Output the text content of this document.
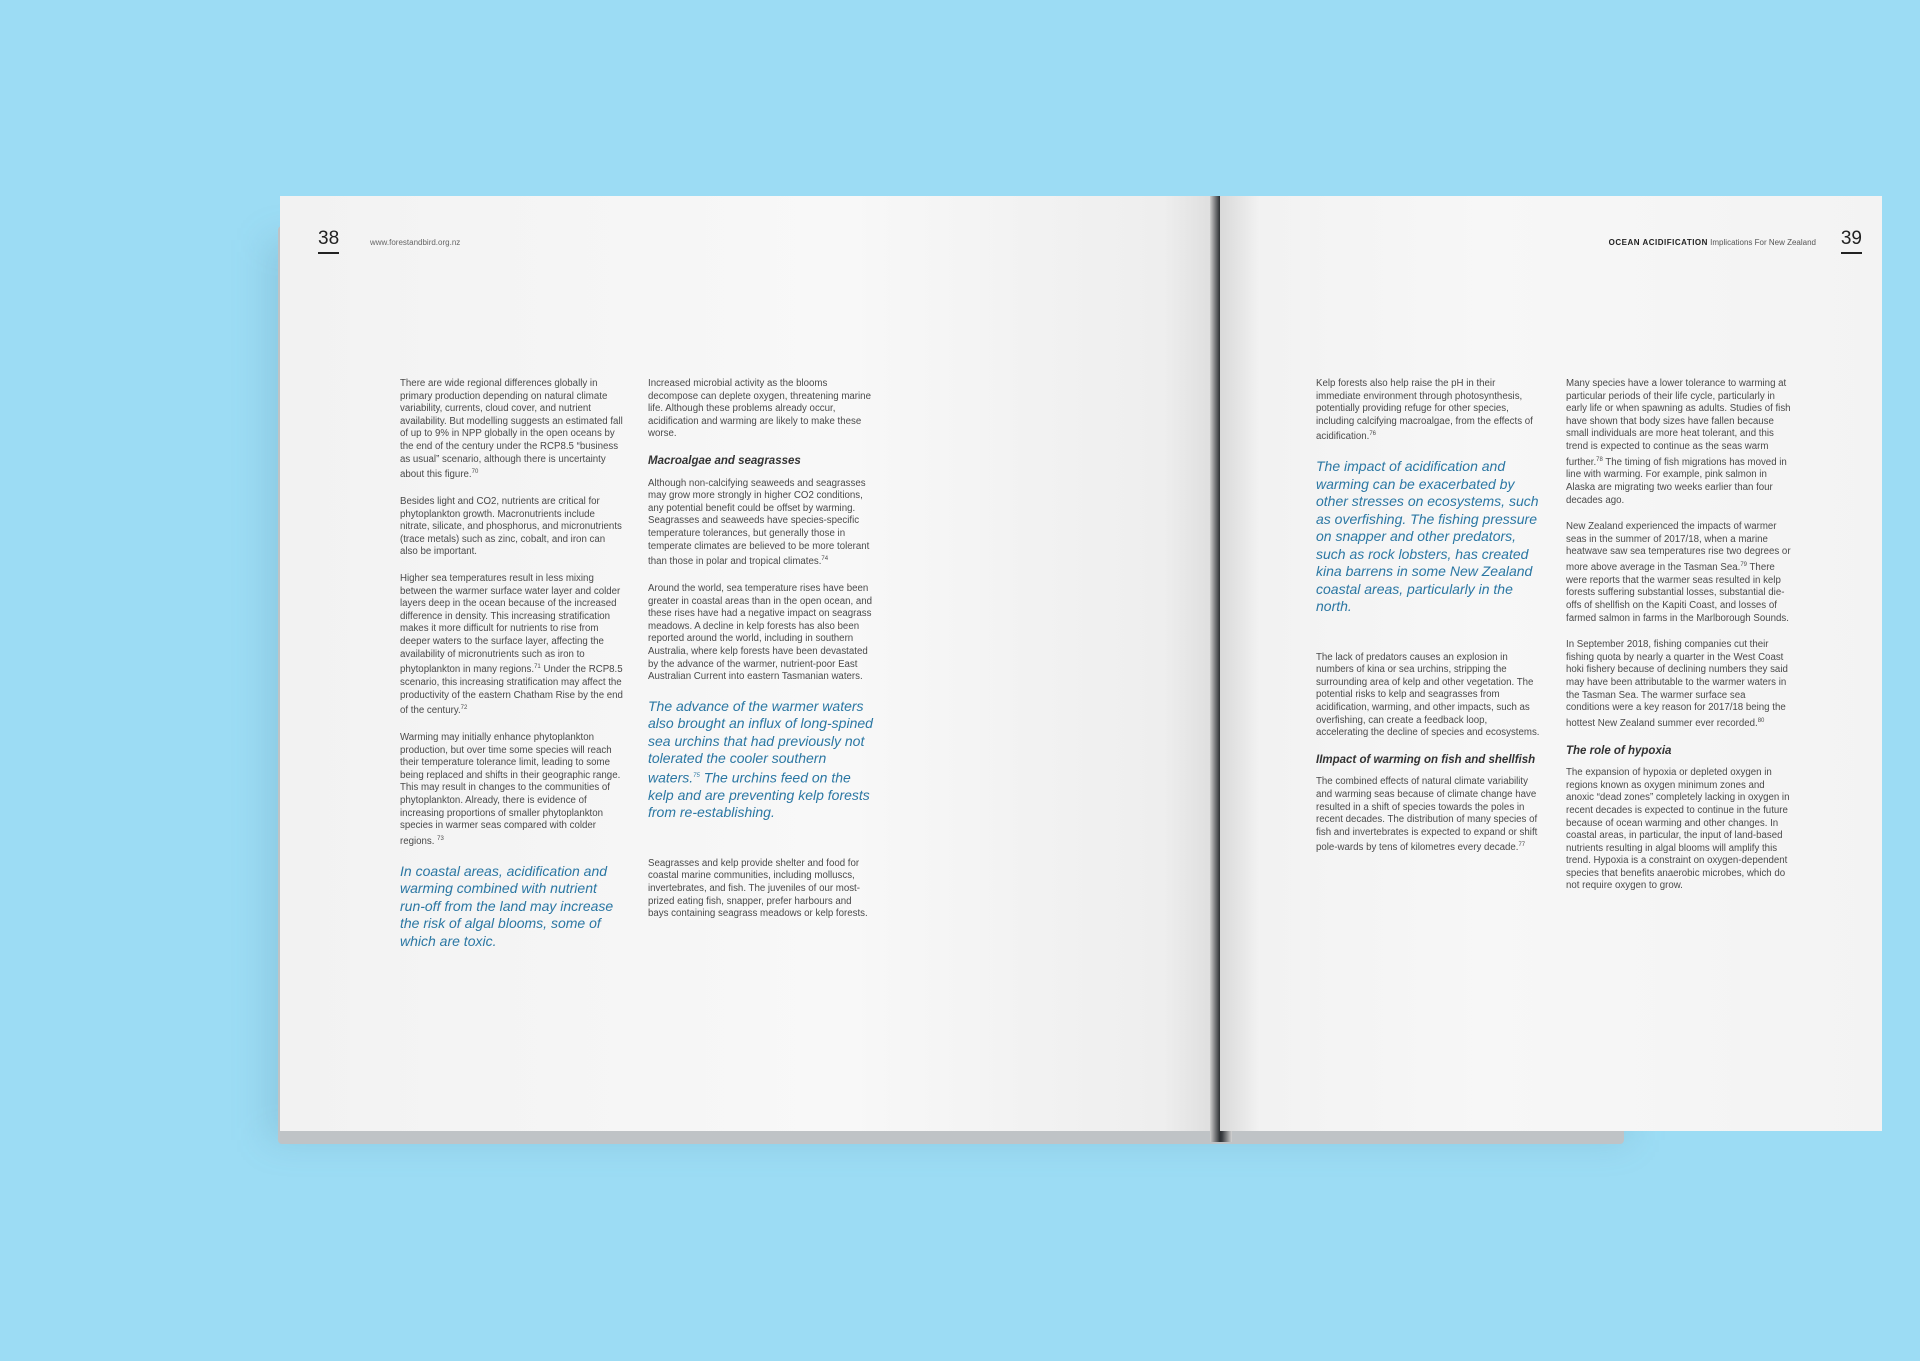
38	www.forestandbird.org.nz

There are wide regional differences globally in primary production depending on natural climate variability, currents, cloud cover, and nutrient availability. But modelling suggests an estimated fall of up to 9% in NPP globally in the open oceans by the end of the century under the RCP8.5 “business as usual” scenario, although there is uncertainty about this figure.$^{70}$

Besides light and CO2, nutrients are critical for phytoplankton growth. Macronutrients include nitrate, silicate, and phosphorus, and micronutrients (trace metals) such as zinc, cobalt, and iron can also be important.

Higher sea temperatures result in less mixing between the warmer surface water layer and colder layers deep in the ocean because of the increased difference in density. This increasing stratification makes it more difficult for nutrients to rise from deeper waters to the surface layer, affecting the availability of micronutrients such as iron to phytoplankton in many regions.$^{71}$ Under the RCP8.5 scenario, this increasing stratification may affect the productivity of the eastern Chatham Rise by the end of the century.$^{72}$

Warming may initially enhance phytoplankton production, but over time some species will reach their temperature tolerance limit, leading to some being replaced and shifts in their geographic range. This may result in changes to the communities of phytoplankton. Already, there is evidence of increasing proportions of smaller phytoplankton species in warmer seas compared with colder regions. $^{73}$

In coastal areas, acidification and warming combined with nutrient run-off from the land may increase the risk of algal blooms, some of which are toxic.

Increased microbial activity as the blooms decompose can deplete oxygen, threatening marine life. Although these problems already occur, acidification and warming are likely to make these worse.

Macroalgae and seagrasses

Although non-calcifying seaweeds and seagrasses may grow more strongly in higher CO2 conditions, any potential benefit could be offset by warming. Seagrasses and seaweeds have species-specific temperature tolerances, but generally those in temperate climates are believed to be more tolerant than those in polar and tropical climates.$^{74}$

Around the world, sea temperature rises have been greater in coastal areas than in the open ocean, and these rises have had a negative impact on seagrass meadows. A decline in kelp forests has also been reported around the world, including in southern Australia, where kelp forests have been devastated by the advance of the warmer, nutrient-poor East Australian Current into eastern Tasmanian waters.

The advance of the warmer waters also brought an influx of long-spined sea urchins that had previously not tolerated the cooler southern waters.$^{75}$ The urchins feed on the kelp and are preventing kelp forests from re-establishing.

Seagrasses and kelp provide shelter and food for coastal marine communities, including molluscs, invertebrates, and fish. The juveniles of our most-prized eating fish, snapper, prefer harbours and bays containing seagrass meadows or kelp forests.

OCEAN ACIDIFICATION Implications For New Zealand 39

Kelp forests also help raise the pH in their immediate environment through photosynthesis, potentially providing refuge for other species, including calcifying macroalgae, from the effects of acidification.$^{76}$

The impact of acidification and warming can be exacerbated by other stresses on ecosystems, such as overfishing. The fishing pressure on snapper and other predators, such as rock lobsters, has created kina barrens in some New Zealand coastal areas, particularly in the north.

The lack of predators causes an explosion in numbers of kina or sea urchins, stripping the surrounding area of kelp and other vegetation. The potential risks to kelp and seagrasses from acidification, warming, and other impacts, such as overfishing, can create a feedback loop, accelerating the decline of species and ecosystems.

IImpact of warming on fish and shellfish

The combined effects of natural climate variability and warming seas because of climate change have resulted in a shift of species towards the poles in recent decades. The distribution of many species of fish and invertebrates is expected to expand or shift pole-wards by tens of kilometres every decade.$^{77}$

Many species have a lower tolerance to warming at particular periods of their life cycle, particularly in early life or when spawning as adults. Studies of fish have shown that body sizes have fallen because small individuals are more heat tolerant, and this trend is expected to continue as the seas warm further.$^{78}$ The timing of fish migrations has moved in line with warming. For example, pink salmon in Alaska are migrating two weeks earlier than four decades ago.

New Zealand experienced the impacts of warmer seas in the summer of 2017/18, when a marine heatwave saw sea temperatures rise two degrees or more above average in the Tasman Sea.$^{79}$ There were reports that the warmer seas resulted in kelp forests suffering substantial losses, substantial die-offs of shellfish on the Kapiti Coast, and losses of farmed salmon in farms in the Marlborough Sounds.

In September 2018, fishing companies cut their fishing quota by nearly a quarter in the West Coast hoki fishery because of declining numbers they said may have been attributable to the warmer waters in the Tasman Sea. The warmer surface sea conditions were a key reason for 2017/18 being the hottest New Zealand summer ever recorded.$^{80}$

The role of hypoxia

The expansion of hypoxia or depleted oxygen in regions known as oxygen minimum zones and anoxic “dead zones” completely lacking in oxygen in recent decades is expected to continue in the future because of ocean warming and other changes. In coastal areas, in particular, the input of land-based nutrients resulting in algal blooms will amplify this trend. Hypoxia is a constraint on oxygen-dependent species that benefits anaerobic microbes, which do not require oxygen to grow.
